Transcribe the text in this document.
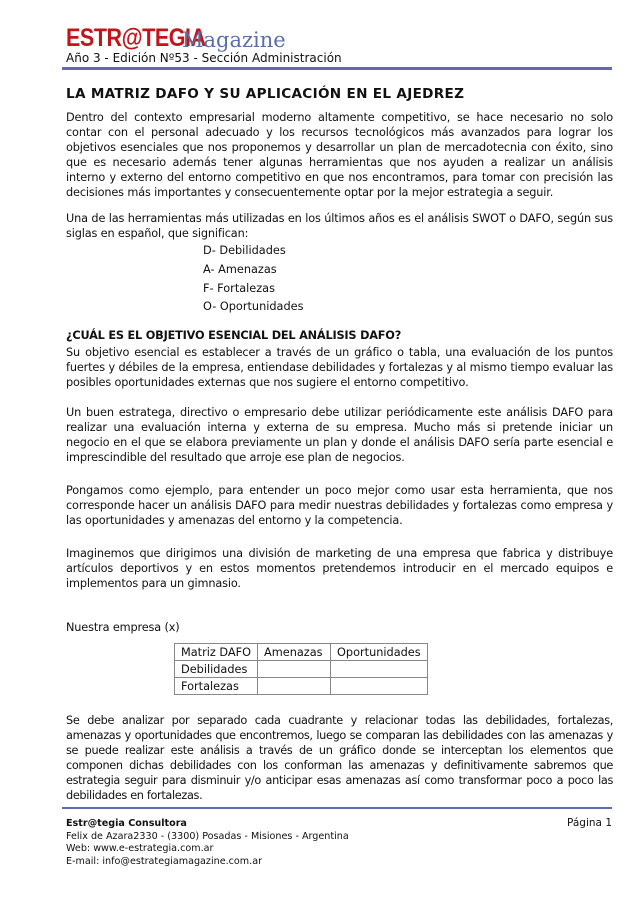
ESTR@TEGIA
Magazine
Año 3 - Edición Nº53 - Sección Administración
LA MATRIZ DAFO Y SU APLICACIÓN EN EL AJEDREZ

Dentro del contexto empresarial moderno altamente competitivo, se hace necesario no solo contar con el personal adecuado y los recursos tecnológicos más avanzados para lograr los objetivos esenciales que nos proponemos y desarrollar un plan de mercadotecnia con éxito, sino que es necesario además tener algunas herramientas que nos ayuden a realizar un análisis interno y externo del entorno competitivo en que nos encontramos, para tomar con precisión las decisiones más importantes y consecuentemente optar por la mejor estrategia a seguir.

Una de las herramientas más utilizadas en los últimos años es el análisis SWOT o DAFO, según sus siglas en español, que significan:

D- Debilidades
A- Amenazas
F- Fortalezas
O- Oportunidades
¿CUÁL ES EL OBJETIVO ESENCIAL DEL ANÁLISIS DAFO?

Su objetivo esencial es establecer a través de un gráfico o tabla, una evaluación de los puntos fuertes y débiles de la empresa, entiendase debilidades y fortalezas y al mismo tiempo evaluar las posibles oportunidades externas que nos sugiere el entorno competitivo.

Un buen estratega, directivo o empresario debe utilizar periódicamente este análisis DAFO para realizar una evaluación interna y externa de su empresa. Mucho más si pretende iniciar un negocio en el que se elabora previamente un plan y donde el análisis DAFO sería parte esencial e imprescindible del resultado que arroje ese plan de negocios.

Pongamos como ejemplo, para entender un poco mejor como usar esta herramienta, que nos corresponde hacer un análisis DAFO para medir nuestras debilidades y fortalezas como empresa y las oportunidades y amenazas del entorno y la competencia.

Imaginemos que dirigimos una división de marketing de una empresa que fabrica y distribuye artículos deportivos y en estos momentos pretendemos introducir en el mercado equipos e implementos para un gimnasio.

Nuestra empresa (x)

Matriz DAFO	Amenazas	Oportunidades
Debilidades		
Fortalezas		

Se debe analizar por separado cada cuadrante y relacionar todas las debilidades, fortalezas, amenazas y oportunidades que encontremos, luego se comparan las debilidades con las amenazas y se puede realizar este análisis a través de un gráfico donde se interceptan los elementos que componen dichas debilidades con los conforman las amenazas y definitivamente sabremos que estrategia seguir para disminuir y/o anticipar esas amenazas así como transformar poco a poco las debilidades en fortalezas.

Estr@tegia Consultora
Felix de Azara2330 - (3300) Posadas - Misiones - Argentina
Web: www.e-estrategia.com.ar
E-mail: info@estrategiamagazine.com.ar
Página 1
